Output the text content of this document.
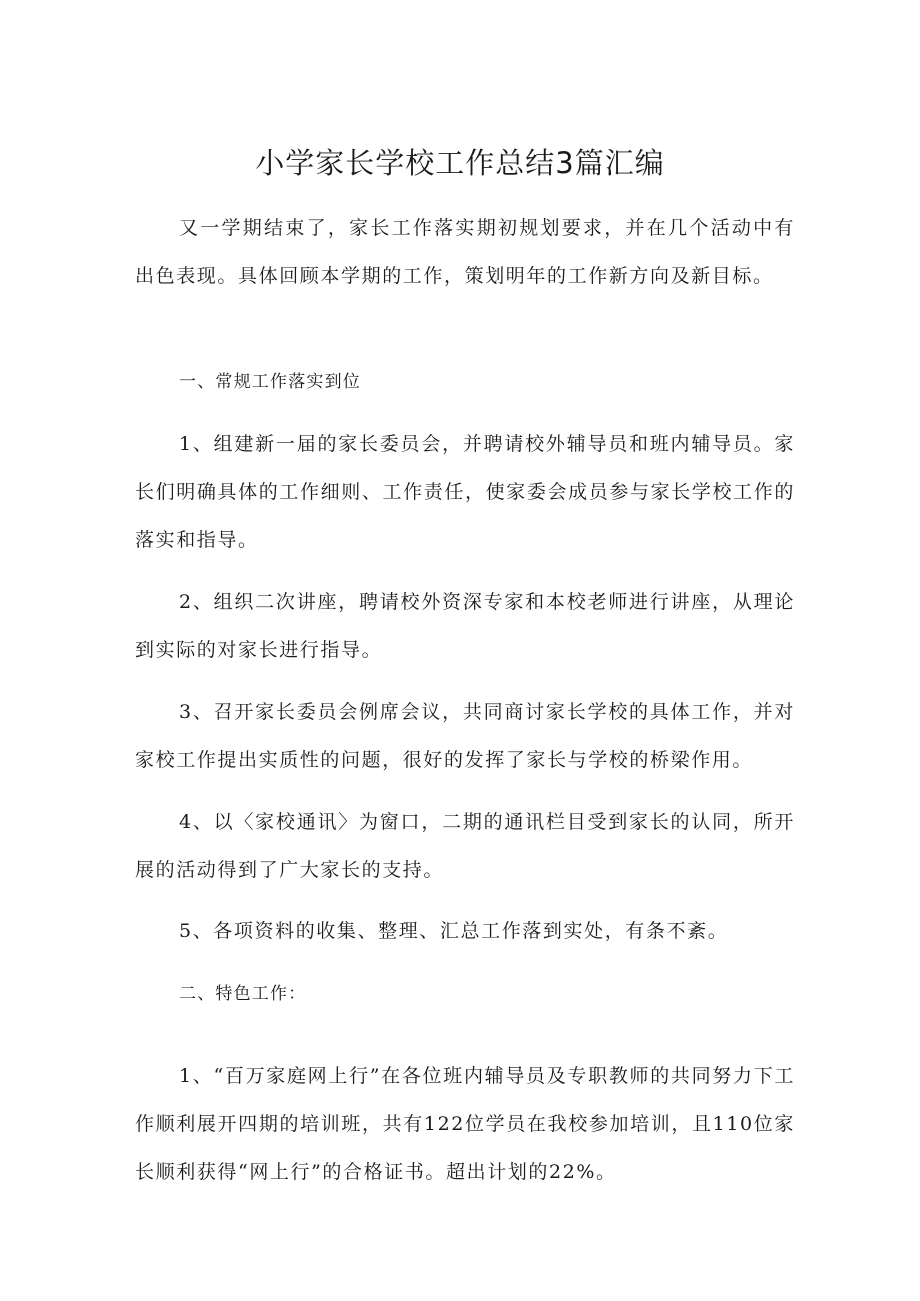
小学家长学校工作总结3篇汇编

又一学期结束了，家长工作落实期初规划要求，并在几个活动中有出色表现。具体回顾本学期的工作，策划明年的工作新方向及新目标。

一、常规工作落实到位

1、组建新一届的家长委员会，并聘请校外辅导员和班内辅导员。家长们明确具体的工作细则、工作责任，使家委会成员参与家长学校工作的落实和指导。

2、组织二次讲座，聘请校外资深专家和本校老师进行讲座，从理论到实际的对家长进行指导。

3、召开家长委员会例席会议，共同商讨家长学校的具体工作，并对家校工作提出实质性的问题，很好的发挥了家长与学校的桥梁作用。

4、以〈家校通讯〉为窗口，二期的通讯栏目受到家长的认同，所开展的活动得到了广大家长的支持。

5、各项资料的收集、整理、汇总工作落到实处，有条不紊。

二、特色工作：

1、“百万家庭网上行”在各位班内辅导员及专职教师的共同努力下工作顺利展开四期的培训班，共有122位学员在我校参加培训，且110位家长顺利获得“网上行”的合格证书。超出计划的22%。
